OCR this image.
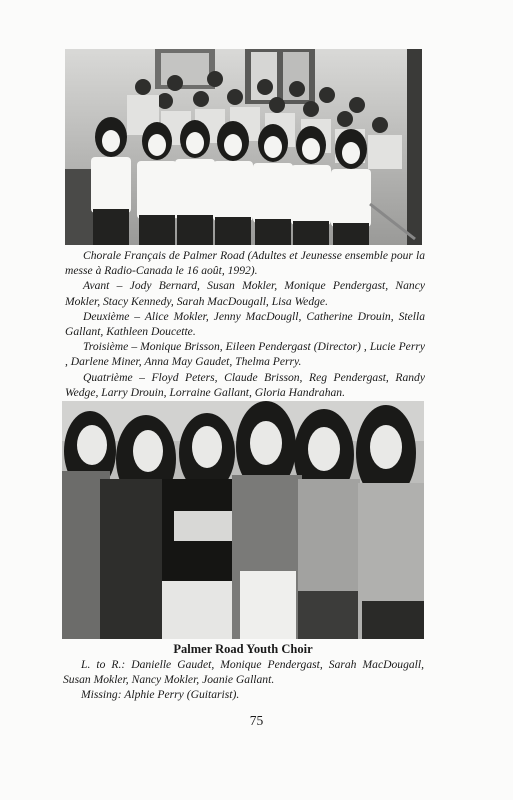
Chorale Français de Palmer Road (Adultes et Jeunesse ensemble pour la messe à Radio-Canada le 16 août, 1992).

Avant – Jody Bernard, Susan Mokler, Monique Pendergast, Nancy Mokler, Stacy Kennedy, Sarah MacDougall, Lisa Wedge.

Deuxième – Alice Mokler, Jenny MacDougll, Catherine Drouin, Stella Gallant, Kathleen Doucette.

Troisième – Monique Brisson, Eileen Pendergast (Director) , Lucie Perry , Darlene Miner, Anna May Gaudet, Thelma Perry.

Quatrième – Floyd Peters, Claude Brisson, Reg Pendergast, Randy Wedge, Larry Drouin, Lorraine Gallant, Gloria Handrahan.

Palmer Road Youth Choir

L. to R.: Danielle Gaudet, Monique Pendergast, Sarah MacDougall, Susan Mokler, Nancy Mokler, Joanie Gallant.

Missing: Alphie Perry (Guitarist).

75
